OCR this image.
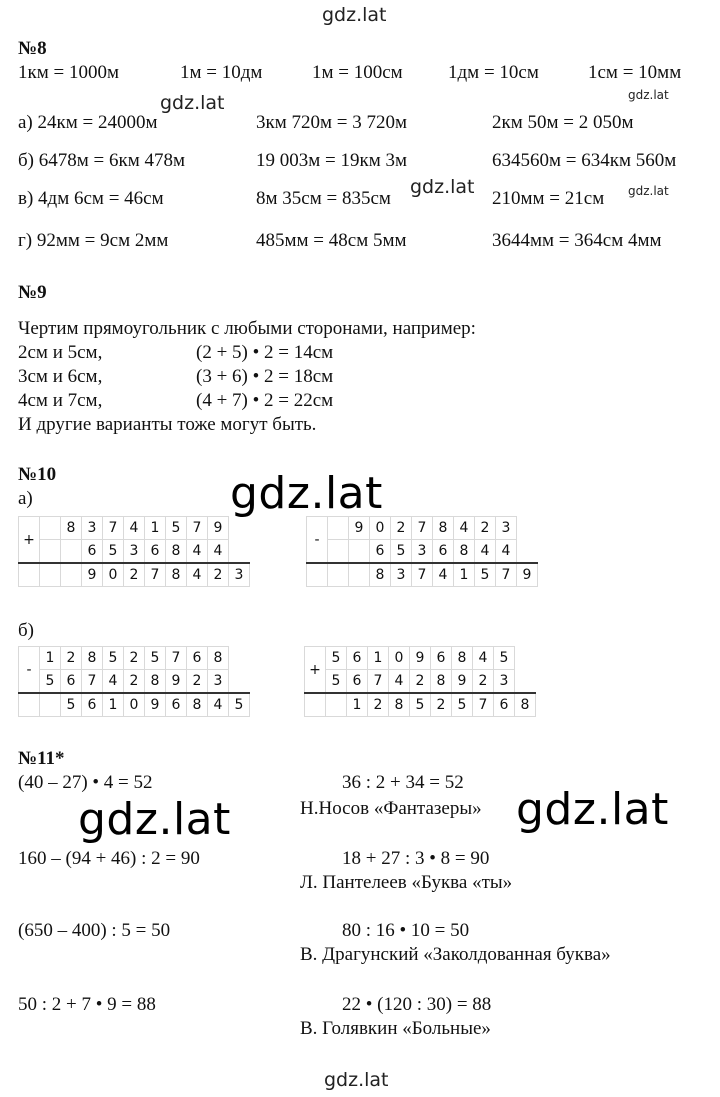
gdz.lat
gdz.lat	gdz.lat
gdz.lat	gdz.lat
gdz.lat
gdz.lat	gdz.lat
gdz.lat
№8
1км = 1000м	1м = 10дм	1м = 100см 1дм = 10см	1см = 10мм
а) 24км = 24000м	3км 720м = 3 720м	2км 50м = 2 050м
б) 6478м = 6км 478м	19 003м = 19км 3м	634560м = 634км 560м
в) 4дм 6см = 46см	8м 35см = 835см	210мм = 21см
г) 92мм = 9см 2мм	485мм = 48см 5мм	3644мм = 364см 4мм
№9
Чертим прямоугольник с любыми сторонами, например:
2см и 5см,	(2 + 5) • 2 = 14см
3см и 6см,	(3 + 6) • 2 = 18см
4см и 7см,	(4 + 7) • 2 = 22см
И другие варианты тоже могут быть.
№10
а)
б)
+		8	3	7	4	1	5	7	9	
			6	5	3	6	8	4	4	
			9	0	2	7	8	4	2	3
-		9	0	2	7	8	4	2	3	
			6	5	3	6	8	4	4	
			8	3	7	4	1	5	7	9
-	1	2	8	5	2	5	7	6	8	
	5	6	7	4	2	8	9	2	3	
		5	6	1	0	9	6	8	4	5
+	5	6	1	0	9	6	8	4	5	
	5	6	7	4	2	8	9	2	3	
		1	2	8	5	2	5	7	6	8
№11*
(40 – 27) • 4 = 52	36 : 2 + 34 = 52
Н.Носов «Фантазеры»
160 – (94 + 46) : 2 = 90	18 + 27 : 3 • 8 = 90
Л. Пантелеев «Буква «ты»
(650 – 400) : 5 = 50	80 : 16 • 10 = 50
В. Драгунский «Заколдованная буква»
50 : 2 + 7 • 9 = 88	22 • (120 : 30) = 88
В. Голявкин «Больные»
